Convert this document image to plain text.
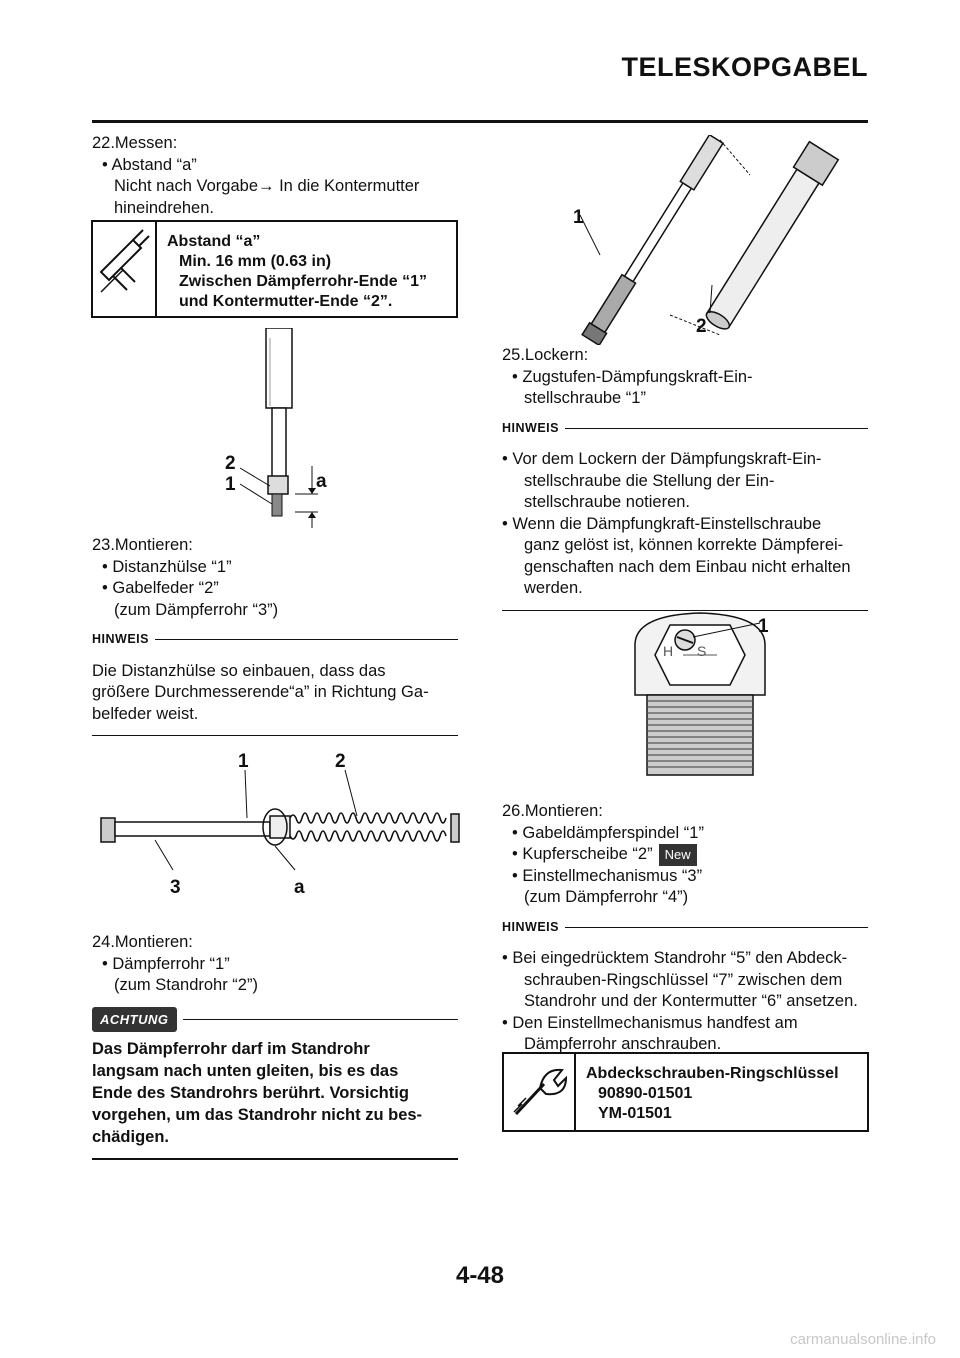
TELESKOPGABEL

22.Messen:

• Abstand “a”

Nicht nach Vorgabe→ In die Kontermutter

hineindrehen.

Abstand “a”
Min. 16 mm (0.63 in)
Zwischen Dämpferrohr-Ende “1”
und Kontermutter-Ende “2”.
2
1	a

23.Montieren:

• Distanzhülse “1”

• Gabelfeder “2”

(zum Dämpferrohr “3”)

HINWEIS

Die Distanzhülse so einbauen, dass das

größere Durchmesserende“a” in Richtung Ga-

belfeder weist.

1	2
3	a

24.Montieren:

• Dämpferrohr “1”

(zum Standrohr “2”)

ACHTUNG

Das Dämpferrohr darf im Standrohr

langsam nach unten gleiten, bis es das

Ende des Standrohrs berührt. Vorsichtig

vorgehen, um das Standrohr nicht zu bes-

chädigen.

1
2

25.Lockern:

• Zugstufen-Dämpfungskraft-Ein-

stellschraube “1”

HINWEIS

• Vor dem Lockern der Dämpfungskraft-Ein-

stellschraube die Stellung der Ein-

stellschraube notieren.

• Wenn die Dämpfungkraft-Einstellschraube

ganz gelöst ist, können korrekte Dämpferei-

genschaften nach dem Einbau nicht erhalten

werden.

H S
1

26.Montieren:

• Gabeldämpferspindel “1”

• Kupferscheibe “2” New

• Einstellmechanismus “3”

(zum Dämpferrohr “4”)

HINWEIS

• Bei eingedrücktem Standrohr “5” den Abdeck-

schrauben-Ringschlüssel “7” zwischen dem

Standrohr und der Kontermutter “6” ansetzen.

• Den Einstellmechanismus handfest am

Dämpferrohr anschrauben.

Abdeckschrauben-Ringschlüssel
90890-01501
YM-01501
4-48
carmanualsonline.info
